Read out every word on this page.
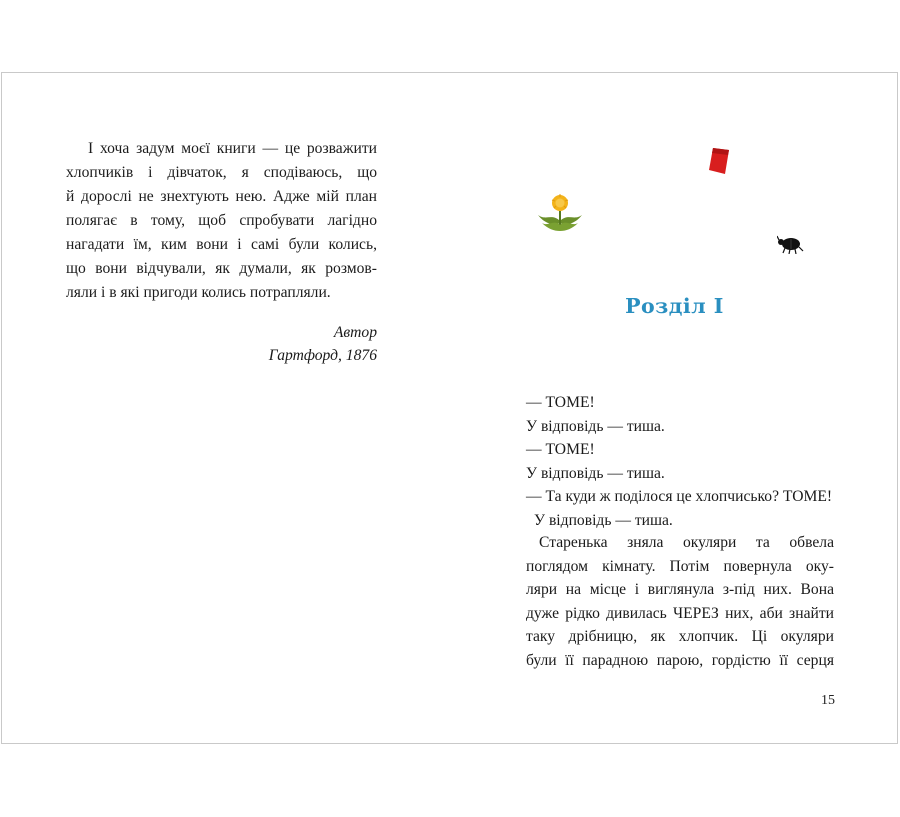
І хоча задум моєї книги — це розважити
хлопчиків і дівчаток, я сподіваюсь, що
й дорослі не знехтують нею. Адже мій план
полягає в тому, щоб спробувати лагідно
нагадати їм, ким вони і самі були колись,
що вони відчували, як думали, як розмов-
ляли і в які пригоди колись потрапляли.
Автор
Гартфорд, 1876
Розділ І
— ТОМЕ!
У відповідь — тиша.
— ТОМЕ!
У відповідь — тиша.
— Та куди ж поділося це хлопчисько? ТОМЕ!
У відповідь — тиша.
Старенька зняла окуляри та обвела
поглядом кімнату. Потім повернула оку-
ляри на місце і виглянула з-під них. Вона
дуже рідко дивилась ЧЕРЕЗ них, аби знайти
таку дрібницю, як хлопчик. Ці окуляри
були її парадною парою, гордістю її серця
15
